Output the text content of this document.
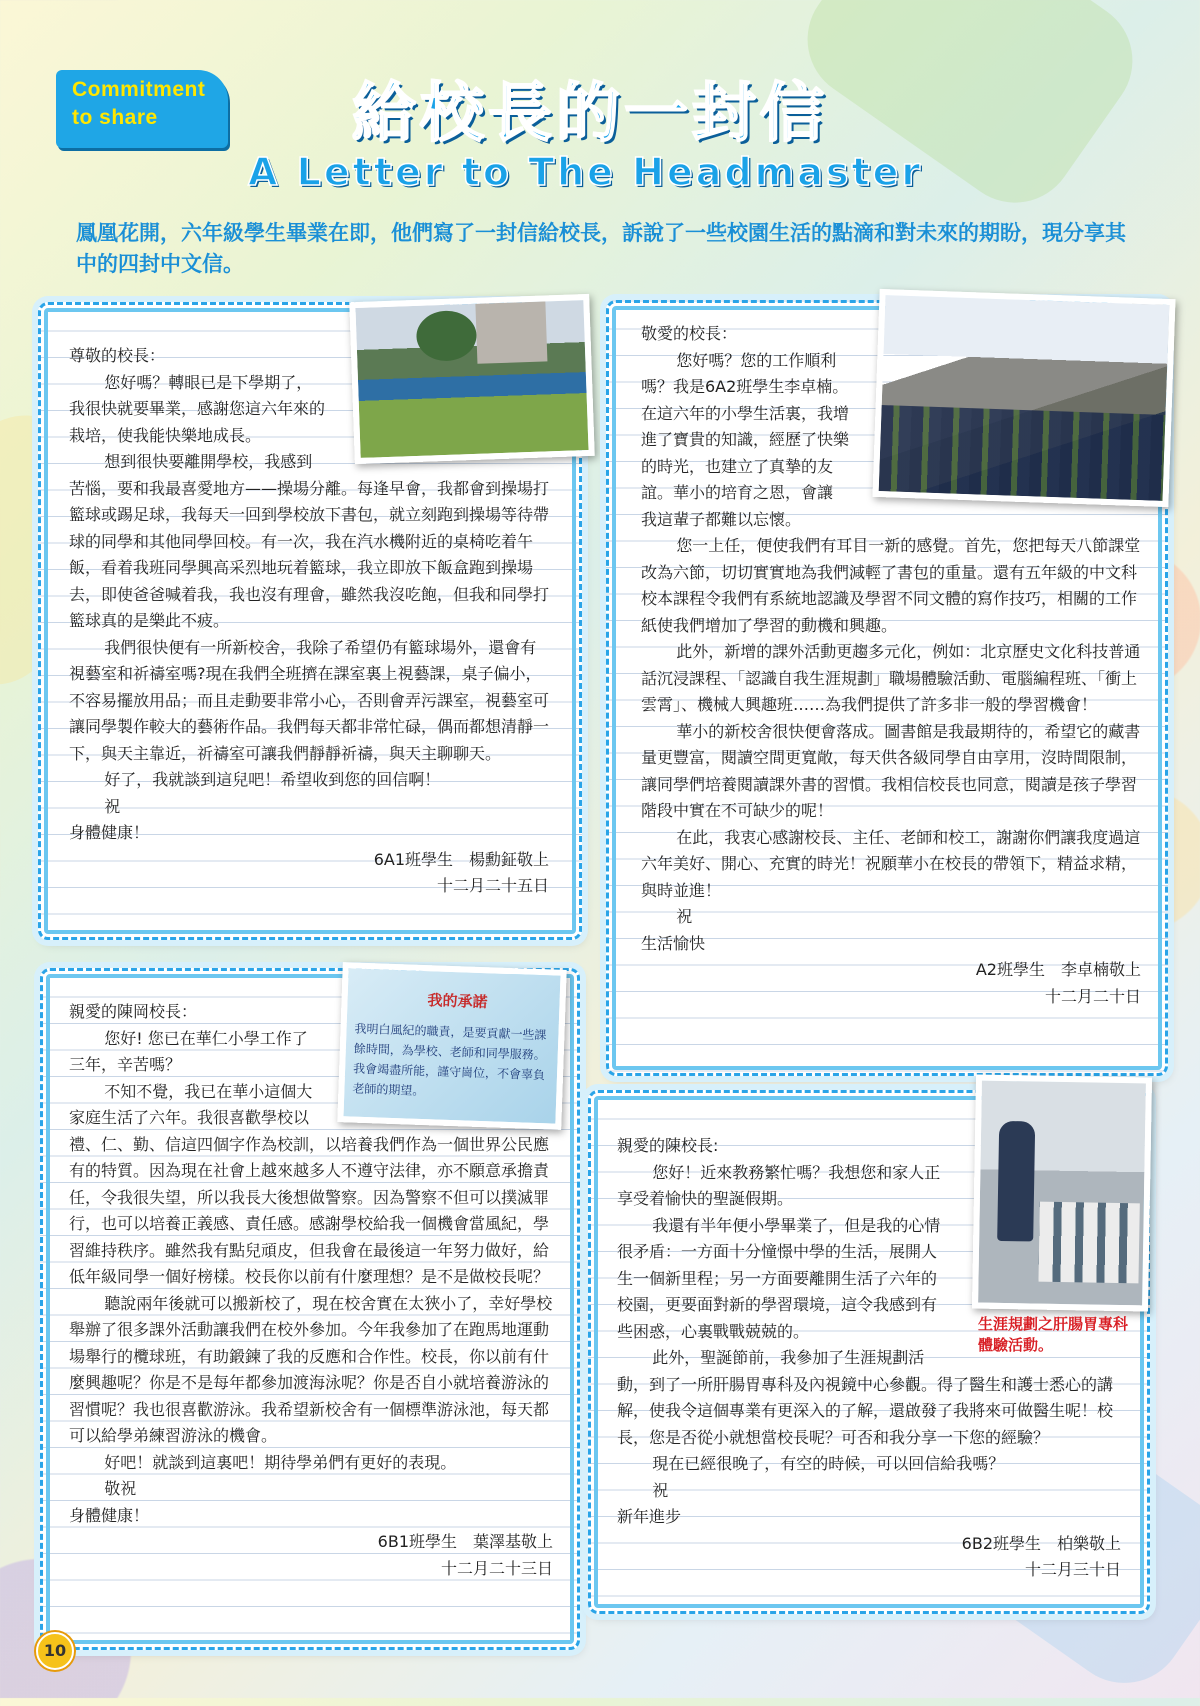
Commitment
to share	給校長的一封信
A Letter to The Headmaster
鳳凰花開，六年級學生畢業在即，他們寫了一封信給校長，訴說了一些校園生活的點滴和對未來的期盼，現分享其中的四封中文信。

尊敬的校長：

您好嗎？轉眼已是下學期了，

我很快就要畢業，感謝您這六年來的

栽培，使我能快樂地成長。

想到很快要離開學校，我感到

苦惱，要和我最喜愛地方——操場分離。每逢早會，我都會到操場打籃球或踢足球，我每天一回到學校放下書包，就立刻跑到操場等待帶球的同學和其他同學回校。有一次，我在汽水機附近的桌椅吃着午飯，看着我班同學興高采烈地玩着籃球，我立即放下飯盒跑到操場去，即使爸爸喊着我，我也沒有理會，雖然我沒吃飽，但我和同學打籃球真的是樂此不疲。

我們很快便有一所新校舍，我除了希望仍有籃球場外，還會有視藝室和祈禱室嗎?現在我們全班擠在課室裏上視藝課，桌子偏小，不容易擺放用品；而且走動要非常小心，否則會弄污課室，視藝室可讓同學製作較大的藝術作品。我們每天都非常忙碌，偶而都想清靜一下，與天主靠近，祈禱室可讓我們靜靜祈禱，與天主聊聊天。

好了，我就談到這兒吧！希望收到您的回信啊！

祝

身體健康！

6A1班學生　楊勳鉦敬上

十二月二十五日

敬愛的校長：

您好嗎？您的工作順利

嗎？我是6A2班學生李卓楠。

在這六年的小學生活裏，我增

進了寶貴的知識，經歷了快樂

的時光，也建立了真摯的友

誼。華小的培育之恩，會讓

我這輩子都難以忘懷。

您一上任，便使我們有耳目一新的感覺。首先，您把每天八節課堂改為六節，切切實實地為我們減輕了書包的重量。還有五年級的中文科校本課程令我們有系統地認識及學習不同文體的寫作技巧，相關的工作紙使我們增加了學習的動機和興趣。

此外，新增的課外活動更趨多元化，例如：北京歷史文化科技普通話沉浸課程、「認識自我生涯規劃」職場體驗活動、電腦編程班、「衝上雲霄」、機械人興趣班……為我們提供了許多非一般的學習機會！

華小的新校舍很快便會落成。圖書館是我最期待的，希望它的藏書量更豐富，閱讀空間更寬敞，每天供各級同學自由享用，沒時間限制，讓同學們培養閱讀課外書的習慣。我相信校長也同意，閱讀是孩子學習階段中實在不可缺少的呢！

在此，我衷心感謝校長、主任、老師和校工，謝謝你們讓我度過這六年美好、開心、充實的時光！祝願華小在校長的帶領下，精益求精，與時並進！

祝

生活愉快

A2班學生　李卓楠敬上

十二月二十日

親愛的陳岡校長：

您好! 您已在華仁小學工作了

三年，辛苦嗎？

不知不覺，我已在華小這個大

家庭生活了六年。我很喜歡學校以

禮、仁、勤、信這四個字作為校訓，以培養我們作為一個世界公民應有的特質。因為現在社會上越來越多人不遵守法律，亦不願意承擔責任，令我很失望，所以我長大後想做警察。因為警察不但可以撲滅罪行，也可以培養正義感、責任感。感謝學校給我一個機會當風紀，學習維持秩序。雖然我有點兒頑皮，但我會在最後這一年努力做好，給低年級同學一個好榜樣。校長你以前有什麼理想？是不是做校長呢？

聽說兩年後就可以搬新校了，現在校舍實在太狹小了，幸好學校舉辦了很多課外活動讓我們在校外參加。今年我參加了在跑馬地運動場舉行的欖球班，有助鍛鍊了我的反應和合作性。校長，你以前有什麼興趣呢？你是不是每年都參加渡海泳呢？你是否自小就培養游泳的習慣呢？我也很喜歡游泳。我希望新校舍有一個標準游泳池，每天都可以給學弟練習游泳的機會。

好吧！就談到這裏吧！期待學弟們有更好的表現。

敬祝

身體健康！

6B1班學生　葉澤基敬上

十二月二十三日

我的承諾
我明白風紀的職責，是要貢獻一些課餘時間，為學校、老師和同學服務。
我會竭盡所能，謹守崗位，不會辜負老師的期望。

親愛的陳校長:

您好！近來教務繁忙嗎？我想您和家人正

享受着愉快的聖誕假期。

我還有半年便小學畢業了，但是我的心情

很矛盾：一方面十分憧憬中學的生活，展開人

生一個新里程；另一方面要離開生活了六年的

校園，更要面對新的學習環境，這令我感到有

些困惑，心裏戰戰兢兢的。

此外，聖誕節前，我參加了生涯規劃活

動，到了一所肝腸胃專科及內視鏡中心參觀。得了醫生和護士悉心的講解，使我令這個專業有更深入的了解，還啟發了我將來可做醫生呢！校長，您是否從小就想當校長呢？可否和我分享一下您的經驗？

現在已經很晚了，有空的時候，可以回信給我嗎？

祝

新年進步

6B2班學生　柏樂敬上

十二月三十日

生涯規劃之肝腸胃專科體驗活動。
10
